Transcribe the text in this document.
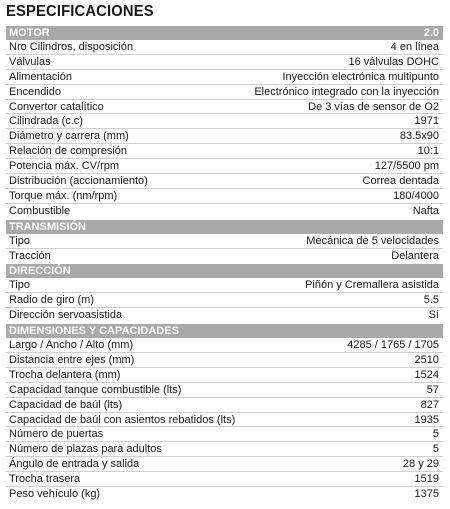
ESPECIFICACIONES
MOTOR	2.0
Nro Cilindros, disposición	4 en línea
Válvulas	16 válvulas DOHC
Alimentación	Inyección electrónica multipunto
Encendido	Electrónico integrado con la inyección
Convertor catalítico	De 3 vías de sensor de O2
Cilindrada (c.c)	1971
Diámetro y carrera (mm)	83.5x90
Relación de compresión	10:1
Potencia máx. CV/rpm	127/5500 pm
Distribución (accionamiento)	Correa dentada
Torque máx. (nm/rpm)	180/4000
Combustible	Nafta
TRANSMISIÓN
Tipo	Mecánica de 5 velocidades
Tracción	Delantera
DIRECCIÓN
Tipo	Piñón y Cremallera asistida
Radio de giro (m)	5.5
Dirección servoasistida	Sí
DIMENSIONES Y CAPACIDADES
Largo / Ancho / Alto (mm)	4285 / 1765 / 1705
Distancia entre ejes (mm)	2510
Trocha delantera (mm)	1524
Capacidad tanque combustible (lts)	57
Capacidad de baúl (lts)	827
Capacidad de baúl con asientos rebatidos (lts)	1935
Número de puertas	5
Número de plazas para adultos	5
Ángulo de entrada y salida	28 y 29
Trocha trasera	1519
Peso vehículo (kg)	1375
